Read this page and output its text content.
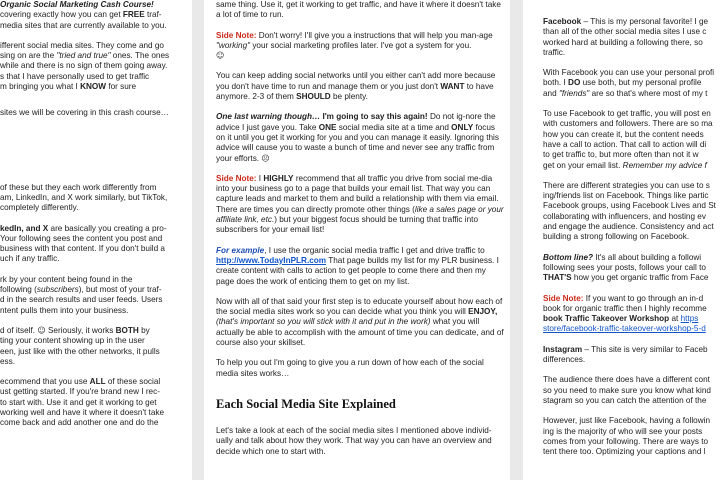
Organic Social Marketing Cash Course!
covering exactly how you can get FREE traf-
media sites that are currently available to you.

ifferent social media sites. They come and go
sing on are the "tried and true" ones. The ones
while and there is no sign of them going away.
s that I have personally used to get traffic
m bringing you what I KNOW for sure

sites we will be covering in this crash course…

of these but they each work differently from
am, LinkedIn, and X work similarly, but TikTok,
completely differently.

kedIn, and X are basically you creating a pro-
Your following sees the content you post and
business with that content. If you don't build a
uch if any traffic.

rk by your content being found in the
following (subscribers), but most of your traf-
d in the search results and user feeds. Users
ntent pulls them into your business.

d of itself. ☺ Seriously, it works BOTH by
ting your content showing up in the user
een, just like with the other networks, it pulls
ess.

ecommend that you use ALL of these social
ust getting started. If you're brand new I rec-
to start with. Use it and get it working to get
working well and have it where it doesn't take
come back and add another one and do the

same thing. Use it, get it working to get traffic, and have it where it doesn't take a lot of time to run.

Side Note: Don't worry! I'll give you a instructions that will help you man-age "working" your social marketing profiles later. I've got a system for you.
☺

You can keep adding social networks until you either can't add more because you don't have time to run and manage them or you just don't WANT to have anymore. 2-3 of them SHOULD be plenty.

One last warning though… I'm going to say this again! Do not ig-nore the advice I just gave you. Take ONE social media site at a time and ONLY focus on it until you get it working for you and you can manage it easily. Ignoring this advice will cause you to waste a bunch of time and never see any traffic from your efforts. ☹

Side Note: I HIGHLY recommend that all traffic you drive from social me-dia into your business go to a page that builds your email list. That way you can capture leads and market to them and build a relationship with them via email. There are times you can directly promote other things (like a sales page or your affiliate link, etc.) but your biggest focus should be turning that traffic into subscribers for your email list!

For example, I use the organic social media traffic I get and drive traffic to http://www.TodayInPLR.com That page builds my list for my PLR business. I create content with calls to action to get people to come there and then my page does the work of enticing them to get on my list.

Now with all of that said your first step is to educate yourself about how each of the social media sites work so you can decide what you think you will ENJOY, (that's important so you will stick with it and put in the work) what you will actually be able to accomplish with the amount of time you can dedicate, and of course also your skillset.

To help you out I'm going to give you a run down of how each of the social media sites works…

Each Social Media Site Explained

Let's take a look at each of the social media sites I mentioned above individ-ually and talk about how they work. That way you can have an overview and decide which one to start with.

Facebook – This is my personal favorite! I ge
than all of the other social media sites I use c
worked hard at building a following there, so
traffic.

With Facebook you can use your personal profi
both. I DO use both, but my personal profile
and "friends" are so that's where most of my t

To use Facebook to get traffic, you will post en
with customers and followers. There are so ma
how you can create it, but the content needs
have a call to action. That call to action will di
to get traffic to, but more often than not it w
get on your email list. Remember my advice f

There are different strategies you can use to s
ing/friends list on Facebook. Things like partic
Facebook groups, using Facebook Lives and St
collaborating with influencers, and hosting ev
and engage the audience. Consistency and act
building a strong following on Facebook.

Bottom line? It's all about building a followi
following sees your posts, follows your call to
THAT'S how you get organic traffic from Face

Side Note: If you want to go through an in-d
book for organic traffic then I highly recomme
book Traffic Takeover Workshop at https
store/facebook-traffic-takeover-workshop-5-d

Instagram – This site is very similar to Faceb
differences.

The audience there does have a different cont
so you need to make sure you know what kind
stagram so you can catch the attention of the

However, just like Facebook, having a followin
ing is the majority of who will see your posts
comes from your following. There are ways to
tent there too. Optimizing your captions and l
